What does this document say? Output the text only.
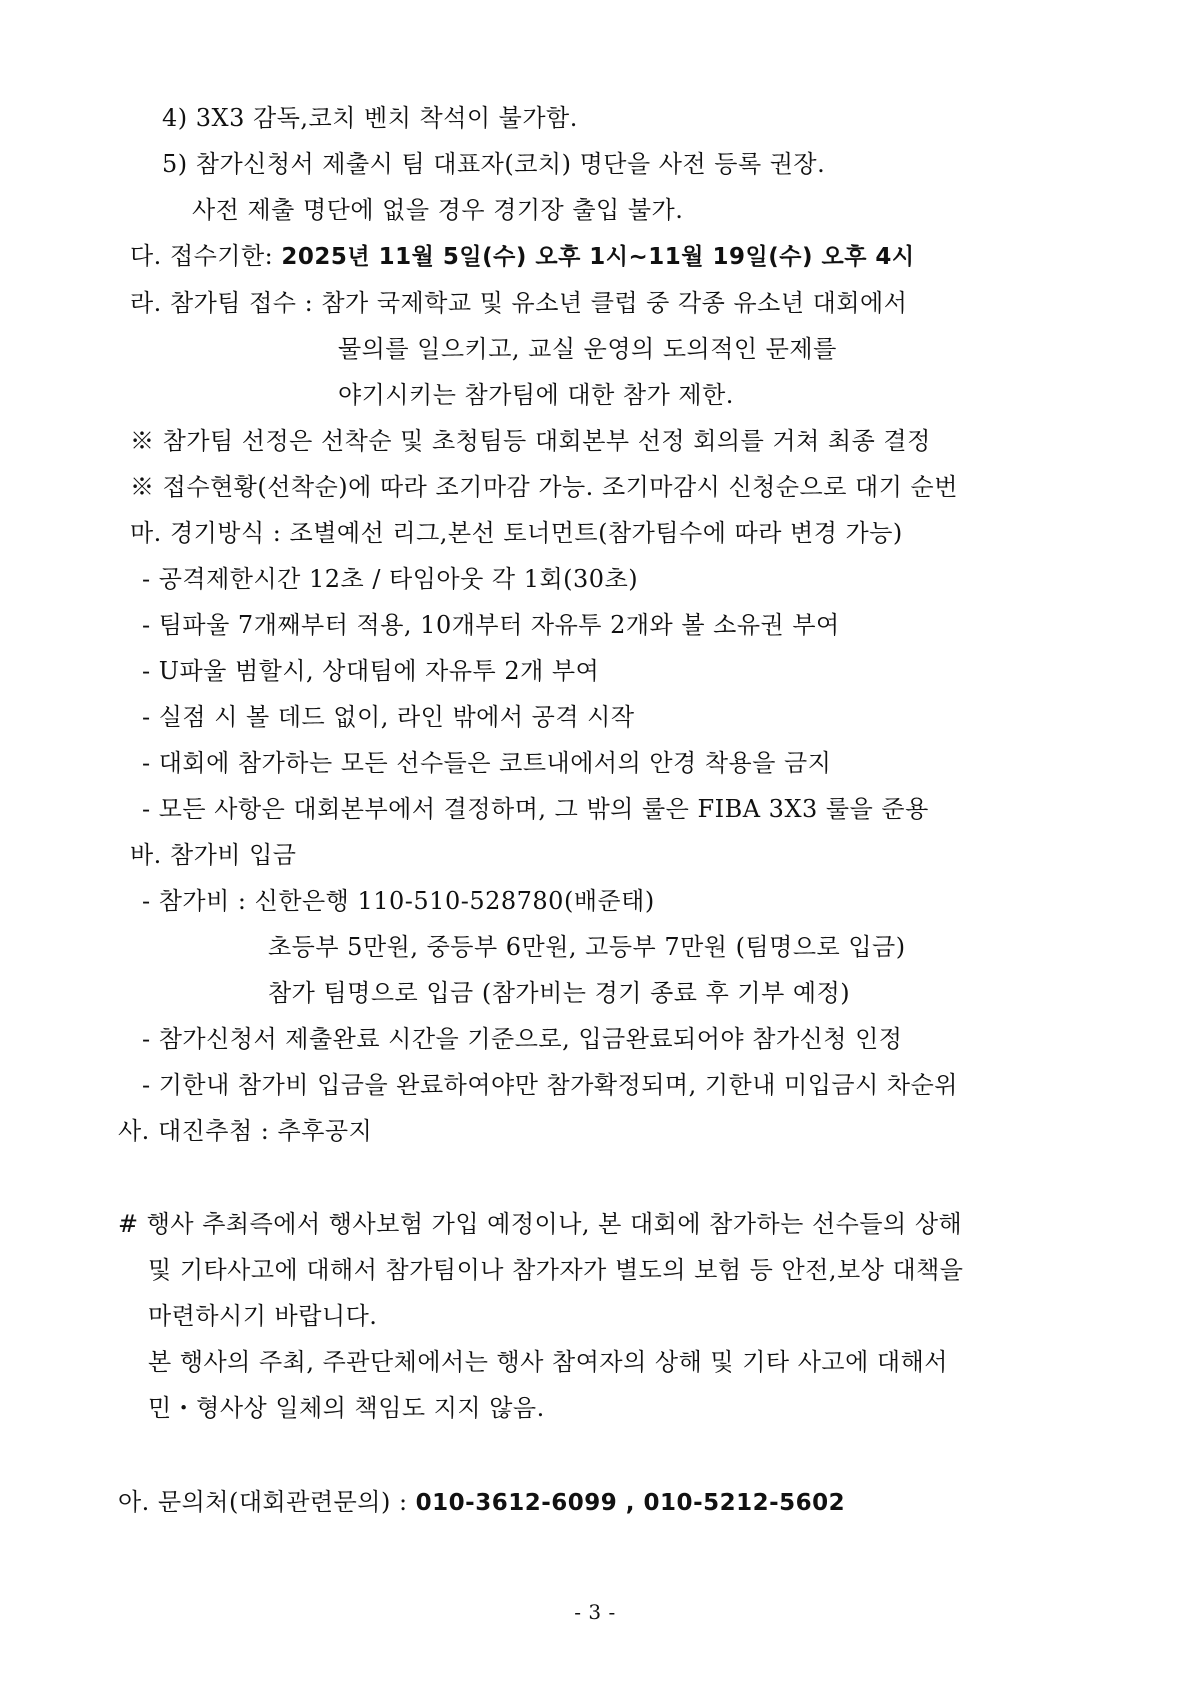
4) 3X3 감독,코치 벤치 착석이 불가함.
5) 참가신청서 제출시 팀 대표자(코치) 명단을 사전 등록 권장.
사전 제출 명단에 없을 경우 경기장 출입 불가.
다. 접수기한: 2025년 11월 5일(수) 오후 1시~11월 19일(수) 오후 4시
라. 참가팀 접수 : 참가 국제학교 및 유소년 클럽 중 각종 유소년 대회에서
물의를 일으키고, 교실 운영의 도의적인 문제를
야기시키는 참가팀에 대한 참가 제한.
※ 참가팀 선정은 선착순 및 초청팀등 대회본부 선정 회의를 거쳐 최종 결정
※ 접수현황(선착순)에 따라 조기마감 가능. 조기마감시 신청순으로 대기 순번
마. 경기방식 : 조별예선 리그,본선 토너먼트(참가팀수에 따라 변경 가능)
- 공격제한시간 12초 / 타임아웃 각 1회(30초)
- 팀파울 7개째부터 적용, 10개부터 자유투 2개와 볼 소유권 부여
- U파울 범할시, 상대팀에 자유투 2개 부여
- 실점 시 볼 데드 없이, 라인 밖에서 공격 시작
- 대회에 참가하는 모든 선수들은 코트내에서의 안경 착용을 금지
- 모든 사항은 대회본부에서 결정하며, 그 밖의 룰은 FIBA 3X3 룰을 준용
바. 참가비 입금
- 참가비 : 신한은행 110-510-528780(배준태)
초등부 5만원, 중등부 6만원, 고등부 7만원 (팀명으로 입금)
참가 팀명으로 입금 (참가비는 경기 종료 후 기부 예정)
- 참가신청서 제출완료 시간을 기준으로, 입금완료되어야 참가신청 인정
- 기한내 참가비 입금을 완료하여야만 참가확정되며, 기한내 미입금시 차순위
사. 대진추첨 : 추후공지
# 행사 추최즉에서 행사보험 가입 예정이나, 본 대회에 참가하는 선수들의 상해
및 기타사고에 대해서 참가팀이나 참가자가 별도의 보험 등 안전,보상 대책을
마련하시기 바랍니다.
본 행사의 주최, 주관단체에서는 행사 참여자의 상해 및 기타 사고에 대해서
민・형사상 일체의 책임도 지지 않음.
아. 문의처(대회관련문의) : 010-3612-6099 , 010-5212-5602
- 3 -
